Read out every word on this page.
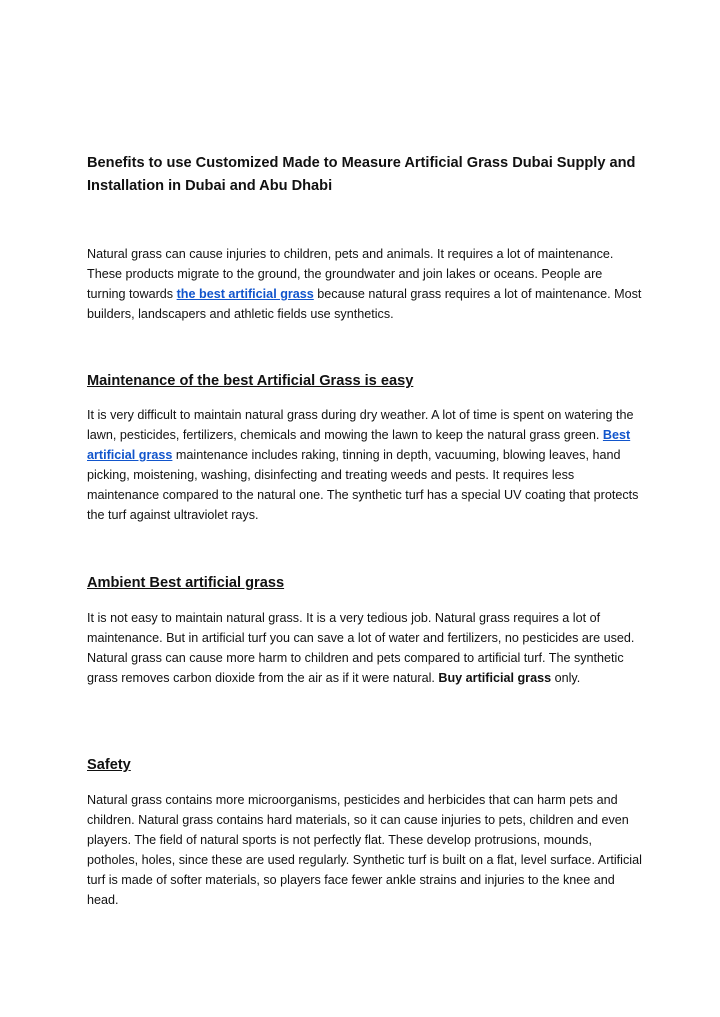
Benefits to use Customized Made to Measure Artificial Grass Dubai Supply and Installation in Dubai and Abu Dhabi

Natural grass can cause injuries to children, pets and animals. It requires a lot of maintenance. These products migrate to the ground, the groundwater and join lakes or oceans. People are turning towards the best artificial grass because natural grass requires a lot of maintenance. Most builders, landscapers and athletic fields use synthetics.

Maintenance of the best Artificial Grass is easy

It is very difficult to maintain natural grass during dry weather. A lot of time is spent on watering the lawn, pesticides, fertilizers, chemicals and mowing the lawn to keep the natural grass green. Best artificial grass maintenance includes raking, tinning in depth, vacuuming, blowing leaves, hand picking, moistening, washing, disinfecting and treating weeds and pests. It requires less maintenance compared to the natural one. The synthetic turf has a special UV coating that protects the turf against ultraviolet rays.

Ambient Best artificial grass

It is not easy to maintain natural grass. It is a very tedious job. Natural grass requires a lot of maintenance. But in artificial turf you can save a lot of water and fertilizers, no pesticides are used. Natural grass can cause more harm to children and pets compared to artificial turf. The synthetic grass removes carbon dioxide from the air as if it were natural. Buy artificial grass only.

Safety

Natural grass contains more microorganisms, pesticides and herbicides that can harm pets and children. Natural grass contains hard materials, so it can cause injuries to pets, children and even players. The field of natural sports is not perfectly flat. These develop protrusions, mounds, potholes, holes, since these are used regularly. Synthetic turf is built on a flat, level surface. Artificial turf is made of softer materials, so players face fewer ankle strains and injuries to the knee and head.
